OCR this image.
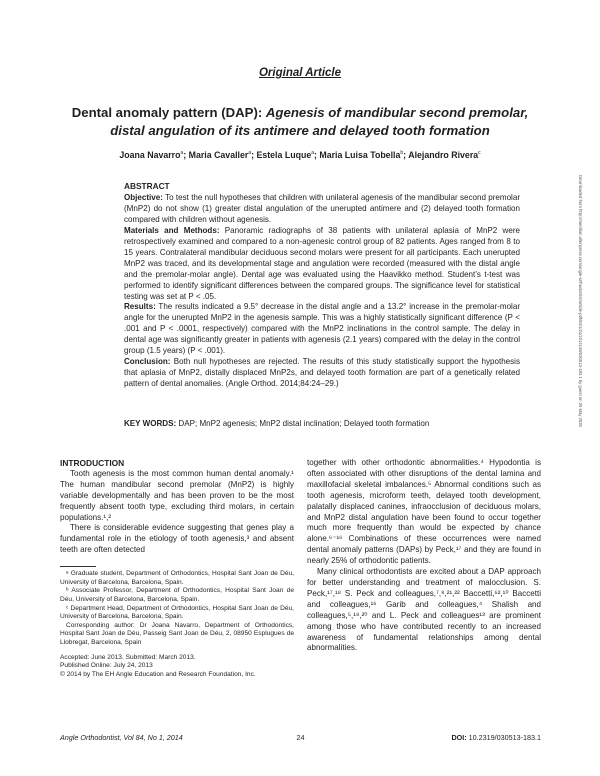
Original Article
Dental anomaly pattern (DAP): Agenesis of mandibular second premolar, distal angulation of its antimere and delayed tooth formation
Joana Navarro$^a$; Maria Cavaller$^a$; Estela Luque$^a$; Maria Luisa Tobella$^b$; Alejandro Rivera$^c$

ABSTRACT

Objective: To test the null hypotheses that children with unilateral agenesis of the mandibular second premolar (MnP2) do not show (1) greater distal angulation of the unerupted antimere and (2) delayed tooth formation compared with children without agenesis.

Materials and Methods: Panoramic radiographs of 38 patients with unilateral aplasia of MnP2 were retrospectively examined and compared to a non-agenesic control group of 82 patients. Ages ranged from 8 to 15 years. Contralateral mandibular deciduous second molars were present for all participants. Each unerupted MnP2 was traced, and its developmental stage and angulation were recorded (measured with the distal angle and the premolar-molar angle). Dental age was evaluated using the Haavikko method. Student’s t-test was performed to identify significant differences between the compared groups. The significance level for statistical testing was set at P < .05.

Results: The results indicated a 9.5° decrease in the distal angle and a 13.2° increase in the premolar-molar angle for the unerupted MnP2 in the agenesis sample. This was a highly statistically significant difference (P < .001 and P < .0001, respectively) compared with the MnP2 inclinations in the control sample. The delay in dental age was significantly greater in patients with agenesis (2.1 years) compared with the delay in the control group (1.5 years) (P < .001).

Conclusion: Both null hypotheses are rejected. The results of this study statistically support the hypothesis that aplasia of MnP2, distally displaced MnP2s, and delayed tooth formation are part of a genetically related pattern of dental anomalies. (Angle Orthod. 2014;84:24–29.)

KEY WORDS: DAP; MnP2 agenesis; MnP2 distal inclination; Delayed tooth formation	Downloaded from http://meridian.allenpress.com/angle-orthodontist/article-pdf/84/1/24/2214139/030513-183.1 by guest on 26 May 2020

INTRODUCTION

Tooth agenesis is the most common human dental anomaly.¹ The human mandibular second premolar (MnP2) is highly variable developmentally and has been proven to be the most frequently absent tooth type, excluding third molars, in certain populations.¹,²

There is considerable evidence suggesting that genes play a fundamental role in the etiology of tooth agenesis,³ and absent teeth are often detected

ᵃ Graduate student, Department of Orthodontics, Hospital Sant Joan de Déu, University of Barcelona, Barcelona, Spain.

ᵇ Associate Professor, Department of Orthodontics, Hospital Sant Joan de Déu, University of Barcelona, Barcelona, Spain.

ᶜ Department Head, Department of Orthodontics, Hospital Sant Joan de Déu, University of Barcelona, Barcelona, Spain.

Corresponding author: Dr Joana Navarro, Department of Orthodontics, Hospital Sant Joan de Déu, Passeig Sant Joan de Déu, 2, 08950 Esplugues de Llobregat, Barcelona, Spain

Accepted: June 2013. Submitted: March 2013.

Published Online: July 24, 2013

© 2014 by The EH Angle Education and Research Foundation, Inc.

together with other orthodontic abnormalities.⁴ Hypodontia is often associated with other disruptions of the dental lamina and maxillofacial skeletal imbalances.⁵ Abnormal conditions such as tooth agenesis, microform teeth, delayed tooth development, palatally displaced canines, infraocclusion of deciduous molars, and MnP2 distal angulation have been found to occur together much more frequently than would be expected by chance alone.⁶⁻¹⁶ Combinations of these occurrences were named dental anomaly patterns (DAPs) by Peck,¹⁷ and they are found in nearly 25% of orthodontic patients.

Many clinical orthodontists are excited about a DAP approach for better understanding and treatment of malocclusion. S. Peck,¹⁷,¹⁸ S. Peck and colleagues,⁷,⁸,²¹,²² Baccetti,⁶²,¹⁰ Baccetti and colleagues,¹⁶ Garib and colleagues,⁴ Shalish and colleagues,⁵,¹⁸,²⁰ and L. Peck and colleagues¹³ are prominent among those who have contributed recently to an increased awareness of fundamental relationships among dental abnormalities.

Angle Orthodontist, Vol 84, No 1, 2014	24	DOI: 10.2319/030513-183.1
